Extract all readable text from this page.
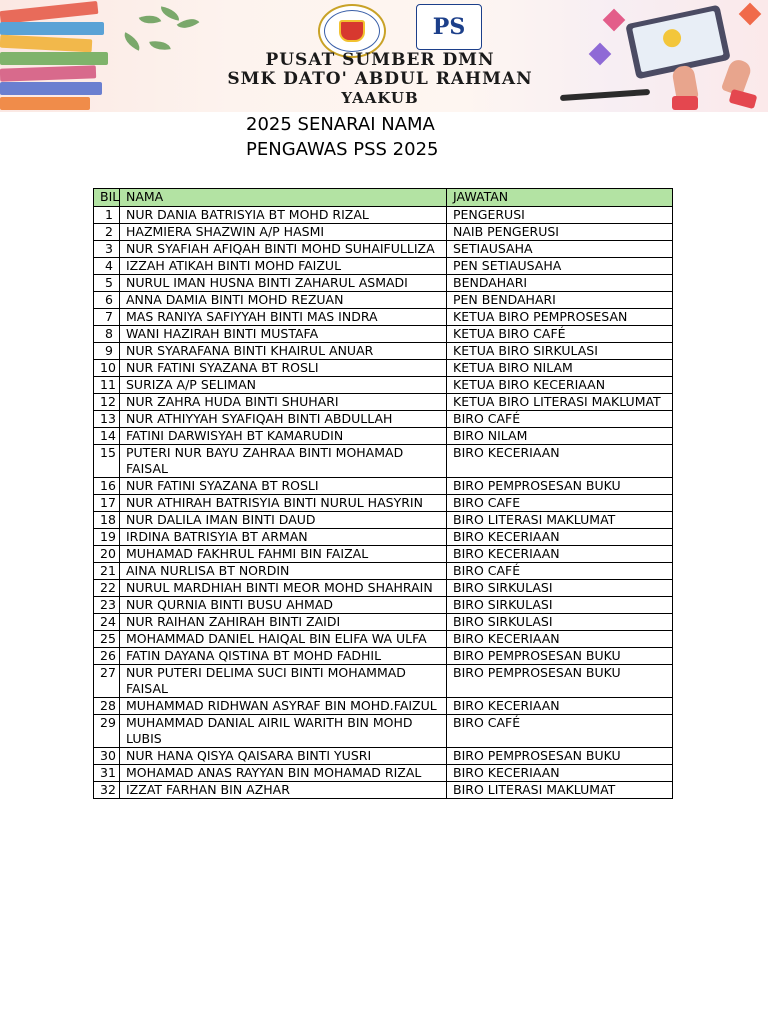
PS
PUSAT SUMBER DMN
SMK DATO' ABDUL RAHMAN
YAAKUB
2025 SENARAI NAMA
PENGAWAS PSS 2025
BIL	NAMA	JAWATAN
1	NUR DANIA BATRISYIA BT MOHD RIZAL	PENGERUSI
2	HAZMIERA SHAZWIN A/P HASMI	NAIB PENGERUSI
3	NUR SYAFIAH AFIQAH BINTI MOHD SUHAIFULLIZA	SETIAUSAHA
4	IZZAH ATIKAH BINTI MOHD FAIZUL	PEN SETIAUSAHA
5	NURUL IMAN HUSNA BINTI ZAHARUL ASMADI	BENDAHARI
6	ANNA DAMIA BINTI MOHD REZUAN	PEN BENDAHARI
7	MAS RANIYA SAFIYYAH BINTI MAS INDRA	KETUA BIRO PEMPROSESAN
8	WANI HAZIRAH BINTI MUSTAFA	KETUA BIRO CAFÉ
9	NUR SYARAFANA BINTI KHAIRUL ANUAR	KETUA BIRO SIRKULASI
10	NUR FATINI SYAZANA BT ROSLI	KETUA BIRO NILAM
11	SURIZA A/P SELIMAN	KETUA BIRO KECERIAAN
12	NUR ZAHRA HUDA BINTI SHUHARI	KETUA BIRO LITERASI MAKLUMAT
13	NUR ATHIYYAH SYAFIQAH BINTI ABDULLAH	BIRO CAFÉ
14	FATINI DARWISYAH BT KAMARUDIN	BIRO NILAM
15	PUTERI NUR BAYU ZAHRAA BINTI MOHAMAD FAISAL	BIRO KECERIAAN
16	NUR FATINI SYAZANA BT ROSLI	BIRO PEMPROSESAN BUKU
17	NUR ATHIRAH BATRISYIA BINTI NURUL HASYRIN	BIRO CAFE
18	NUR DALILA IMAN BINTI DAUD	BIRO LITERASI MAKLUMAT
19	IRDINA BATRISYIA BT ARMAN	BIRO KECERIAAN
20	MUHAMAD FAKHRUL FAHMI BIN FAIZAL	BIRO KECERIAAN
21	AINA NURLISA BT NORDIN	BIRO CAFÉ
22	NURUL MARDHIAH BINTI MEOR MOHD SHAHRAIN	BIRO SIRKULASI
23	NUR QURNIA BINTI BUSU AHMAD	BIRO SIRKULASI
24	NUR RAIHAN ZAHIRAH BINTI ZAIDI	BIRO SIRKULASI
25	MOHAMMAD DANIEL HAIQAL BIN ELIFA WA ULFA	BIRO KECERIAAN
26	FATIN DAYANA QISTINA BT MOHD FADHIL	BIRO PEMPROSESAN BUKU
27	NUR PUTERI DELIMA SUCI BINTI MOHAMMAD FAISAL	BIRO PEMPROSESAN BUKU
28	MUHAMMAD RIDHWAN ASYRAF BIN MOHD.FAIZUL	BIRO KECERIAAN
29	MUHAMMAD DANIAL AIRIL WARITH BIN MOHD LUBIS	BIRO CAFÉ
30	NUR HANA QISYA QAISARA BINTI YUSRI	BIRO PEMPROSESAN BUKU
31	MOHAMAD ANAS RAYYAN BIN MOHAMAD RIZAL	BIRO KECERIAAN
32	IZZAT FARHAN BIN AZHAR	BIRO LITERASI MAKLUMAT
